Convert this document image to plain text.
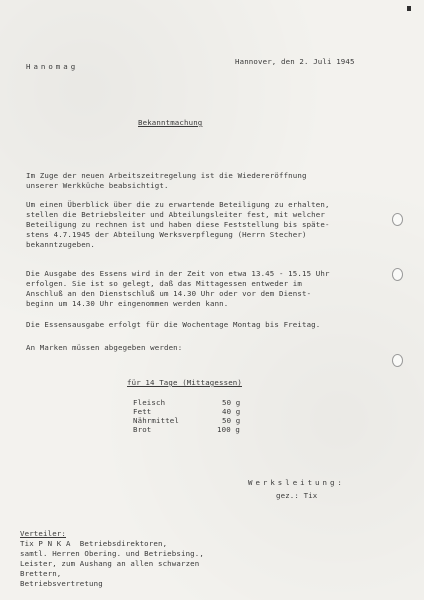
Hanomag
Hannover, den 2. Juli 1945
Bekanntmachung
Im Zuge der neuen Arbeitszeitregelung ist die Wiedereröffnung
unserer Werkküche beabsichtigt.
Um einen Überblick über die zu erwartende Beteiligung zu erhalten,
stellen die Betriebsleiter und Abteilungsleiter fest, mit welcher
Beteiligung zu rechnen ist und haben diese Feststellung bis späte-
stens 4.7.1945 der Abteilung Werksverpflegung (Herrn Stecher)
bekanntzugeben.
Die Ausgabe des Essens wird in der Zeit von etwa 13.45 - 15.15 Uhr
erfolgen. Sie ist so gelegt, daß das Mittagessen entweder im
Anschluß an den Dienstschluß um 14.30 Uhr oder vor dem Dienst-
beginn um 14.30 Uhr eingenommen werden kann.
Die Essensausgabe erfolgt für die Wochentage Montag bis Freitag.
An Marken müssen abgegeben werden:
für 14 Tage (Mittagessen)
Fleisch	50 g
Fett	40 g
Nährmittel	50 g
Brot	100 g
Werksleitung:
gez.: Tix
Verteiler:
Tix P N K A  Betriebsdirektoren,
samtl. Herren Obering. und Betriebsing.,
Leister, zum Aushang an allen schwarzen
Brettern,
Betriebsvertretung
